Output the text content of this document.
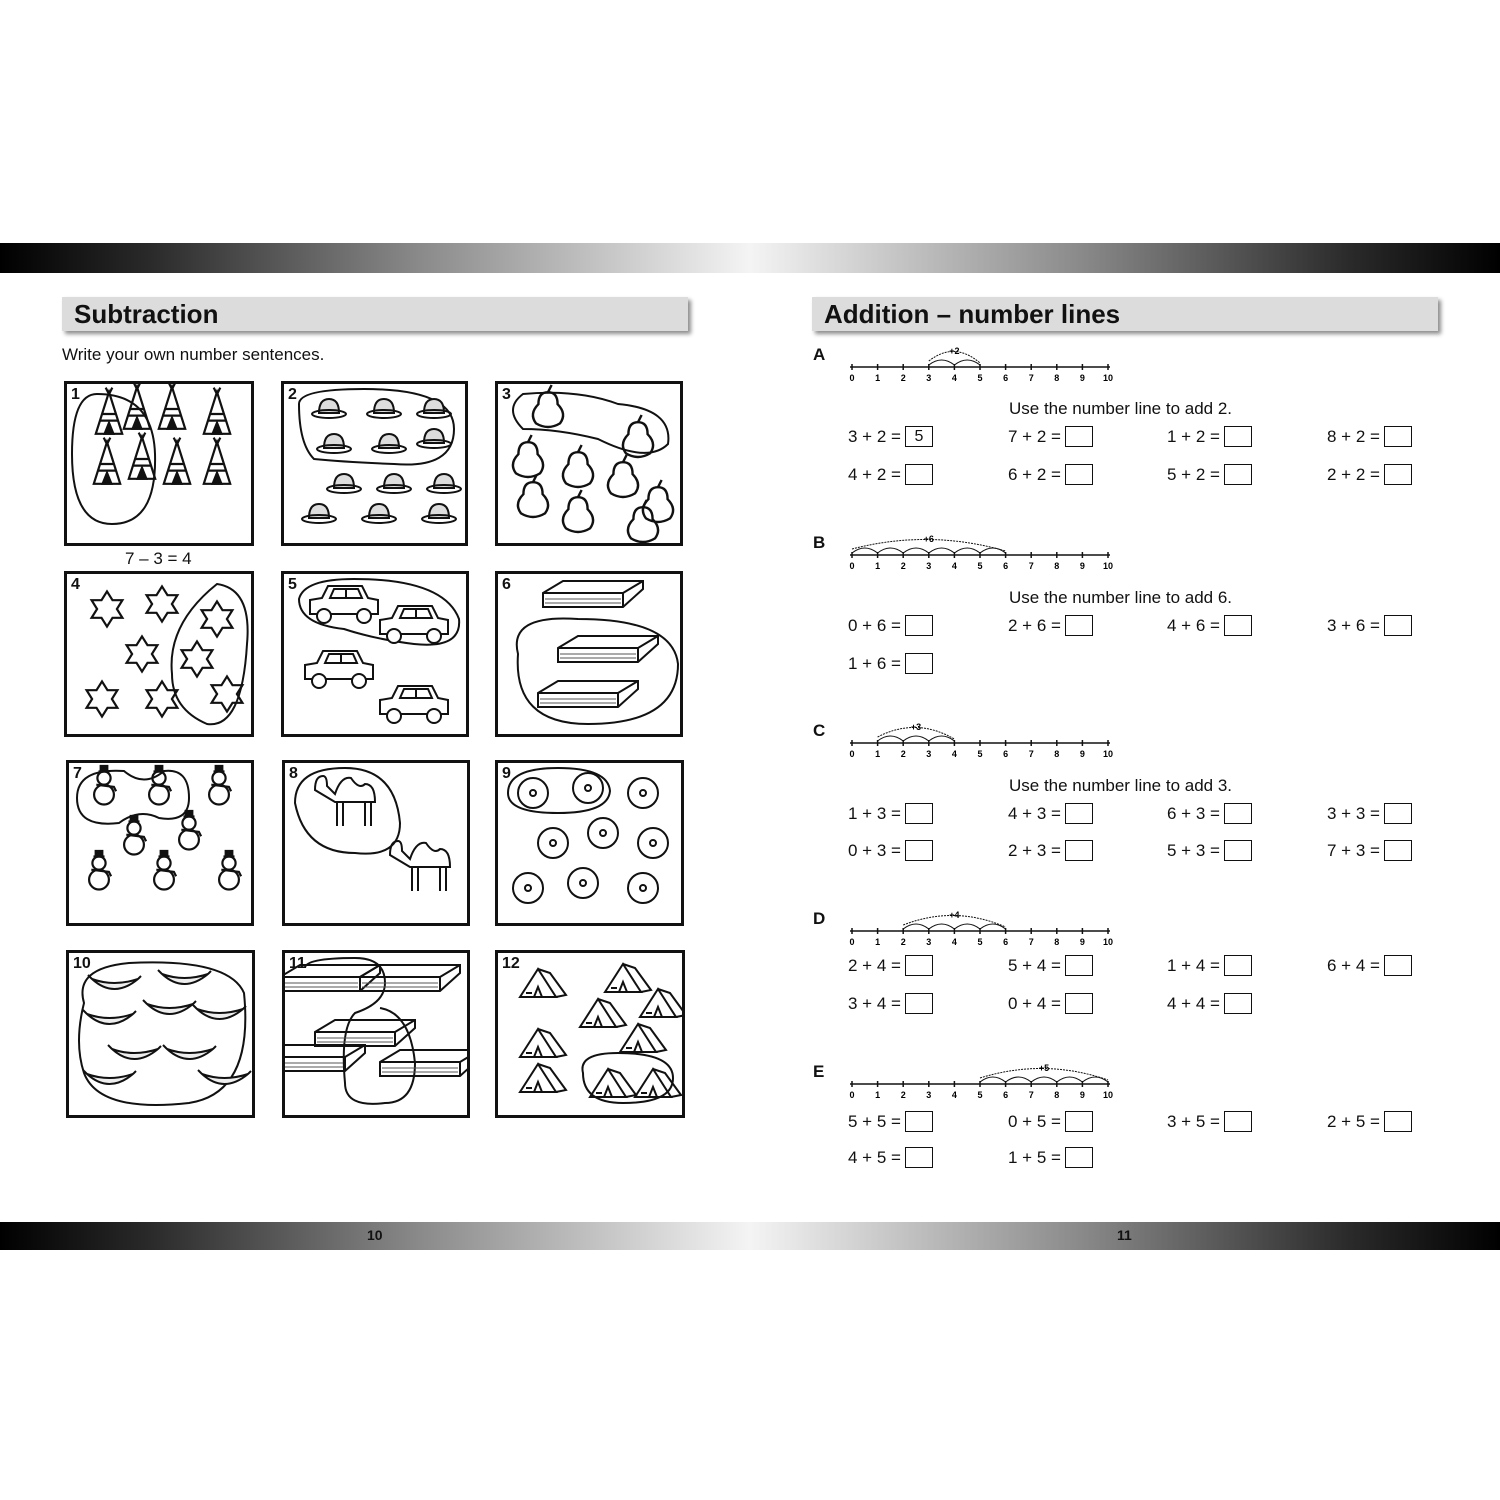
10	11
Subtraction
Write your own number sentences.
1	2	3
4	5	6
7	8	9
10	11	12
7 – 3 = 4
Addition – number lines
A
0 1 2 3 4 5 6 7 8 9 10
+2
Use the number line to add 2.
3 + 2 = 5	7 + 2 =	1 + 2 =	8 + 2 =
4 + 2 =	6 + 2 =	5 + 2 =	2 + 2 =
B
0 1 2 3 4 5 6 7 8 9 10
+6
Use the number line to add 6.
0 + 6 =	2 + 6 =	4 + 6 =	3 + 6 =
1 + 6 =
C
0 1 2 3 4 5 6 7 8 9 10
+3
Use the number line to add 3.
1 + 3 =	4 + 3 =	6 + 3 =	3 + 3 =
0 + 3 =	2 + 3 =	5 + 3 =	7 + 3 =
D
0 1 2 3 4 5 6 7 8 9 10
+4
2 + 4 =	5 + 4 =	1 + 4 =	6 + 4 =
3 + 4 =	0 + 4 =	4 + 4 =
E
0 1 2 3 4 5 6 7 8 9 10
+5
5 + 5 =	0 + 5 =	3 + 5 =	2 + 5 =
4 + 5 =	1 + 5 =
